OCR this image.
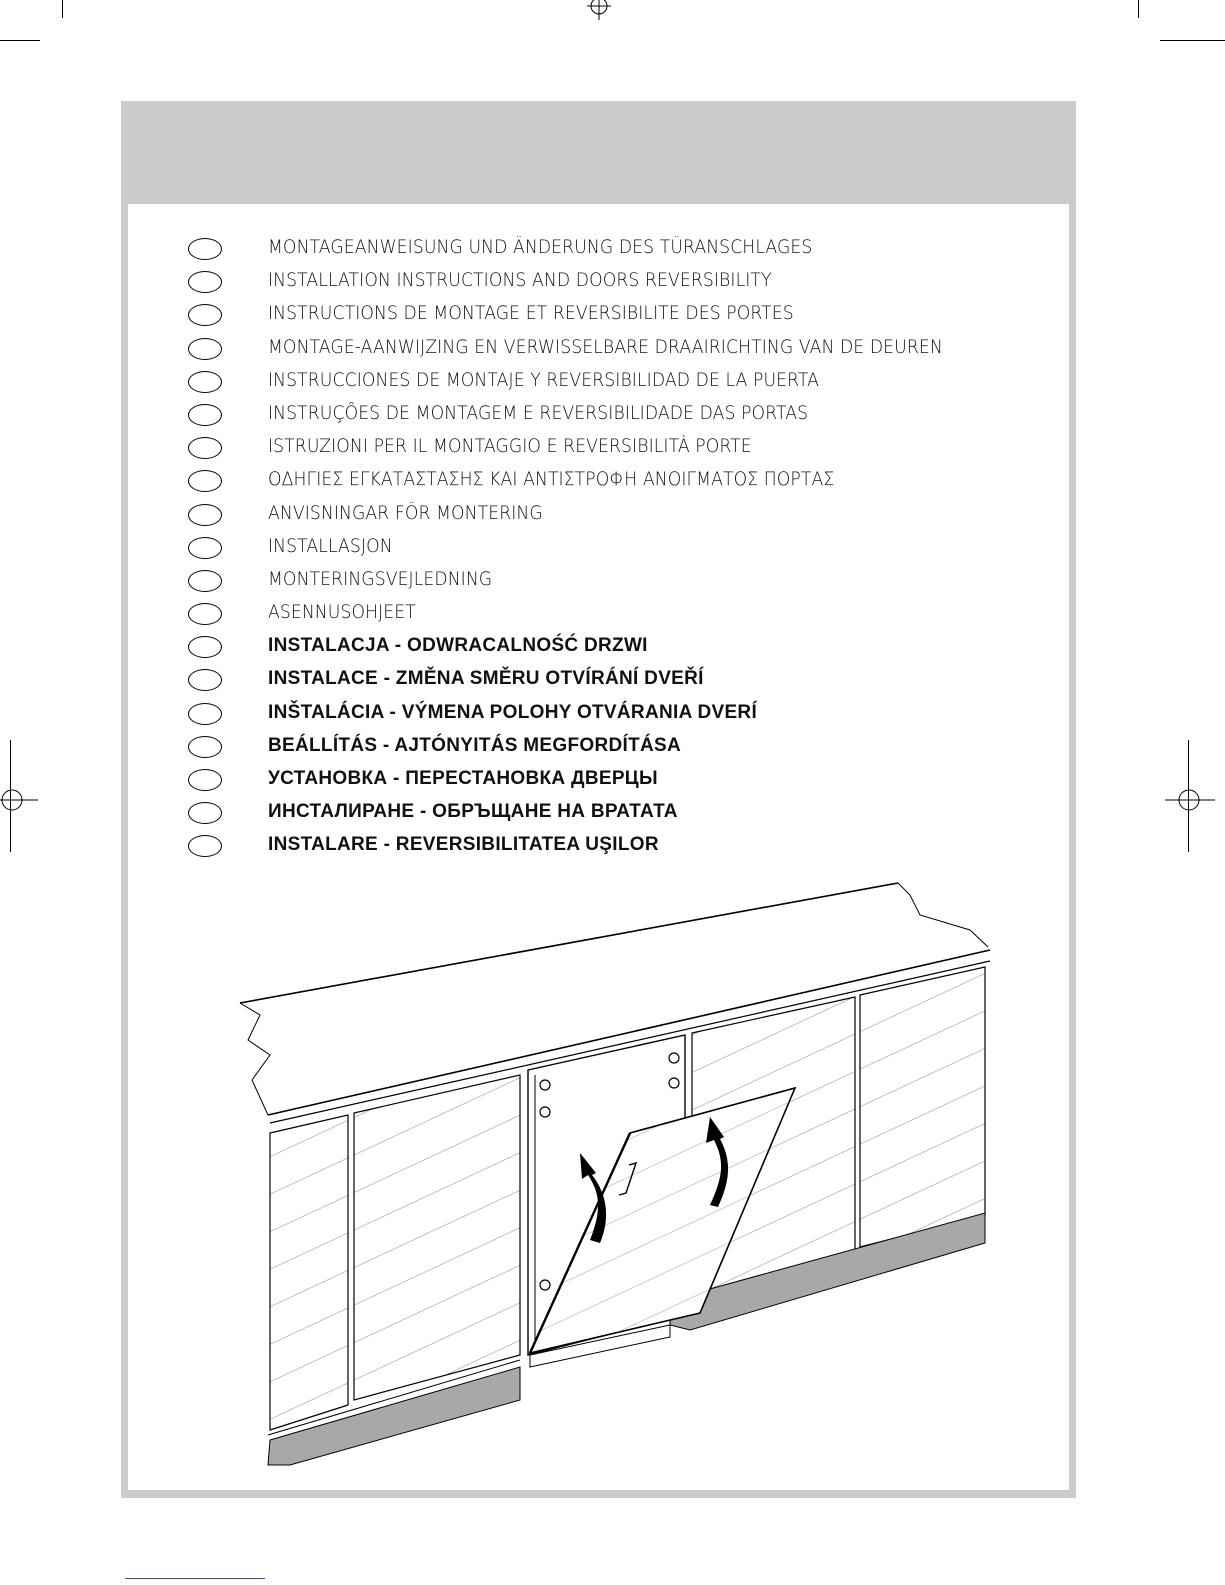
MONTAGEANWEISUNG UND ÄNDERUNG DES TÜRANSCHLAGES
INSTALLATION INSTRUCTIONS AND DOORS REVERSIBILITY
INSTRUCTIONS DE MONTAGE ET REVERSIBILITE DES PORTES
MONTAGE-AANWIJZING EN VERWISSELBARE DRAAIRICHTING VAN DE DEUREN
INSTRUCCIONES DE MONTAJE Y REVERSIBILIDAD DE LA PUERTA
INSTRUÇÔES DE MONTAGEM E REVERSIBILIDADE DAS PORTAS
ISTRUZIONI PER IL MONTAGGIO E REVERSIBILITÀ PORTE
ΟΔΗΓΙΕΣ ΕΓΚΑΤΑΣΤΑΣΗΣ ΚΑΙ ΑΝΤΙΣΤΡΟΦΗ ΑΝΟΙΓΜΑΤΟΣ ΠΟΡΤΑΣ
ANVISNINGAR FÖR MONTERING
INSTALLASJON
MONTERINGSVEJLEDNING
ASENNUSOHJEET
INSTALACJA - ODWRACALNOŚĆ DRZWI
INSTALACE - ZMĚNA SMĚRU OTVÍRÁNÍ DVEŘÍ
INŠTALÁCIA - VÝMENA POLOHY OTVÁRANIA DVERÍ
BEÁLLÍTÁS - AJTÓNYITÁS MEGFORDÍTÁSA
УСТАНОВКА - ПЕРЕСТАНОВКА ДВЕРЦЫ
ИНСТАЛИРАНЕ - ОБРЪЩАНЕ НА ВРАТАТА
INSTALARE - REVERSIBILITATEA UŞILOR
